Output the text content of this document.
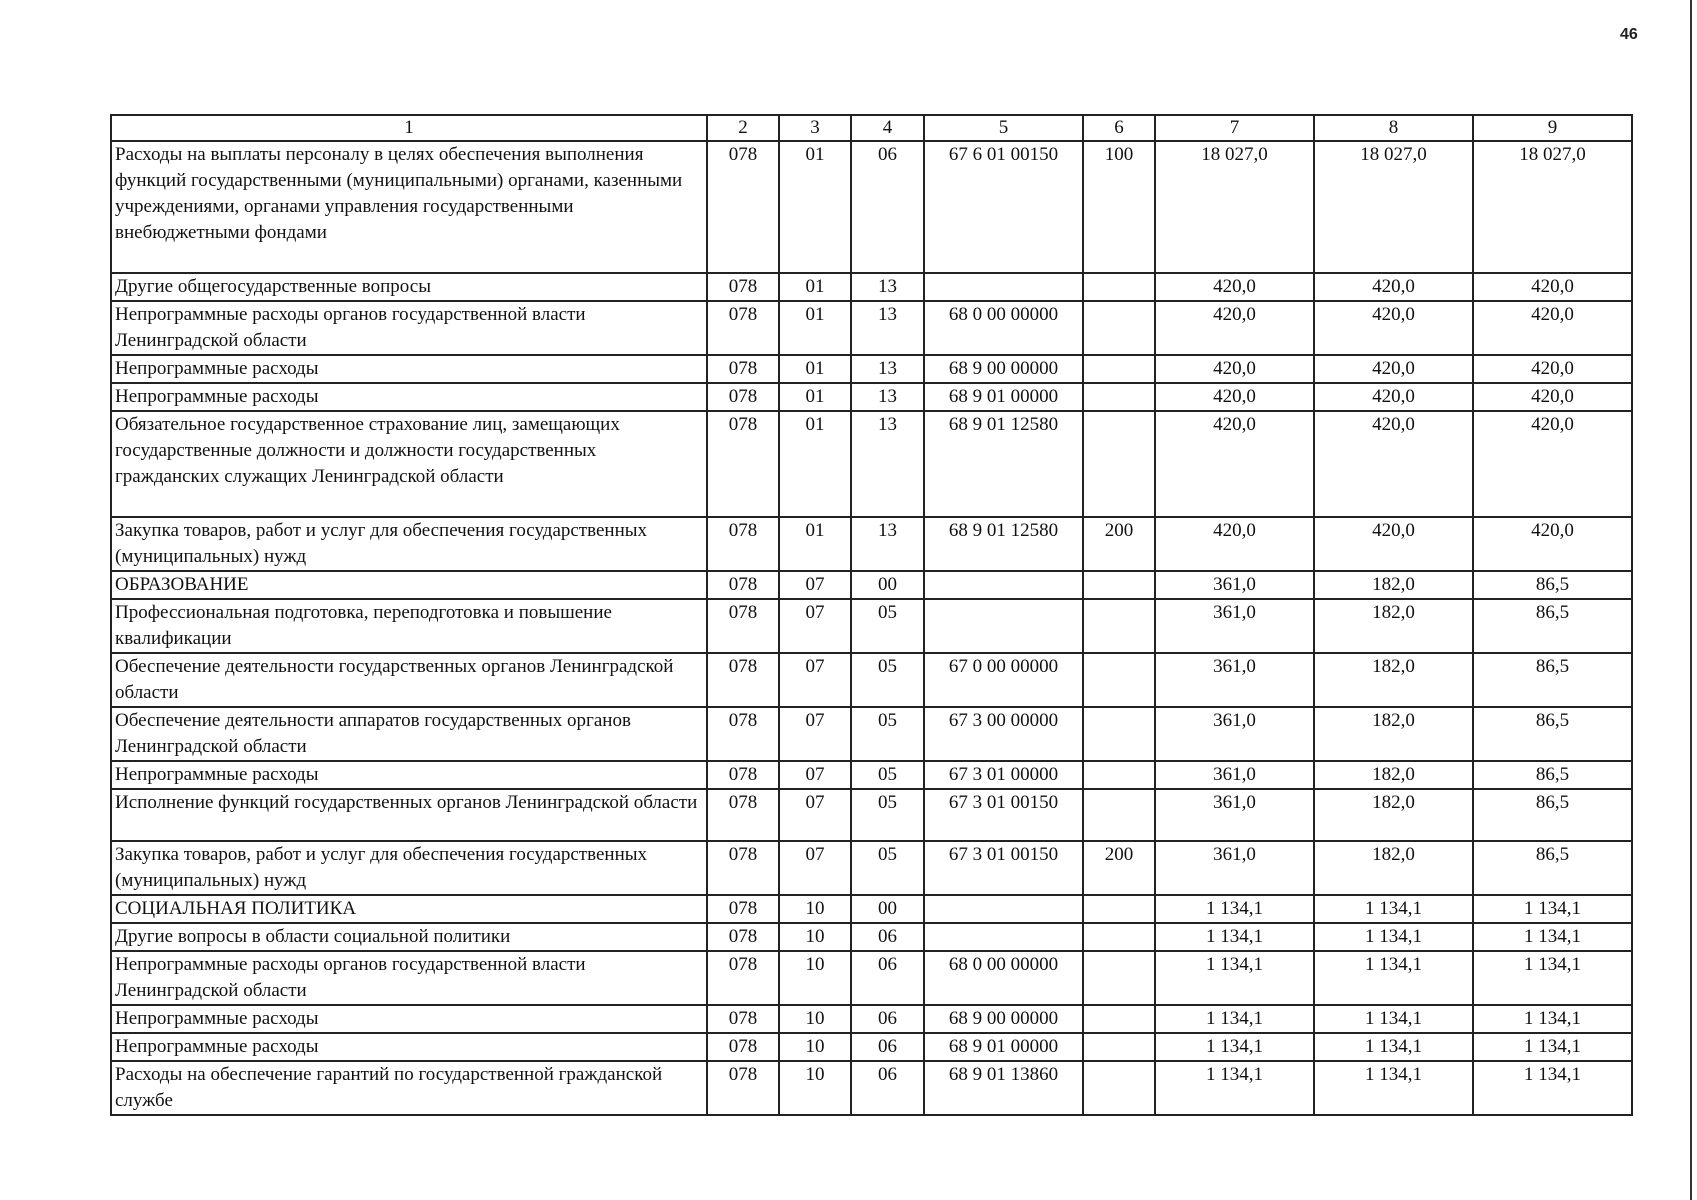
46
1	2	3	4	5	6	7	8	9
Расходы на выплаты персоналу в целях обеспечения выполнения функций государственными (муниципальными) органами, казенными учреждениями, органами управления государственными внебюджетными фондами	078	01	06	67 6 01 00150	100	18 027,0	18 027,0	18 027,0
Другие общегосударственные вопросы	078	01	13			420,0	420,0	420,0
Непрограммные расходы органов государственной власти Ленинградской области	078	01	13	68 0 00 00000		420,0	420,0	420,0
Непрограммные расходы	078	01	13	68 9 00 00000		420,0	420,0	420,0
Непрограммные расходы	078	01	13	68 9 01 00000		420,0	420,0	420,0
Обязательное государственное страхование лиц, замещающих государственные должности и должности государственных гражданских служащих Ленинградской области	078	01	13	68 9 01 12580		420,0	420,0	420,0
Закупка товаров, работ и услуг для обеспечения государственных (муниципальных) нужд	078	01	13	68 9 01 12580	200	420,0	420,0	420,0
ОБРАЗОВАНИЕ	078	07	00			361,0	182,0	86,5
Профессиональная подготовка, переподготовка и повышение квалификации	078	07	05			361,0	182,0	86,5
Обеспечение деятельности государственных органов Ленинградской области	078	07	05	67 0 00 00000		361,0	182,0	86,5
Обеспечение деятельности аппаратов государственных органов Ленинградской области	078	07	05	67 3 00 00000		361,0	182,0	86,5
Непрограммные расходы	078	07	05	67 3 01 00000		361,0	182,0	86,5
Исполнение функций государственных органов Ленинградской области	078	07	05	67 3 01 00150		361,0	182,0	86,5
Закупка товаров, работ и услуг для обеспечения государственных (муниципальных) нужд	078	07	05	67 3 01 00150	200	361,0	182,0	86,5
СОЦИАЛЬНАЯ ПОЛИТИКА	078	10	00			1 134,1	1 134,1	1 134,1
Другие вопросы в области социальной политики	078	10	06			1 134,1	1 134,1	1 134,1
Непрограммные расходы органов государственной власти Ленинградской области	078	10	06	68 0 00 00000		1 134,1	1 134,1	1 134,1
Непрограммные расходы	078	10	06	68 9 00 00000		1 134,1	1 134,1	1 134,1
Непрограммные расходы	078	10	06	68 9 01 00000		1 134,1	1 134,1	1 134,1
Расходы на обеспечение гарантий по государственной гражданской службе	078	10	06	68 9 01 13860		1 134,1	1 134,1	1 134,1
